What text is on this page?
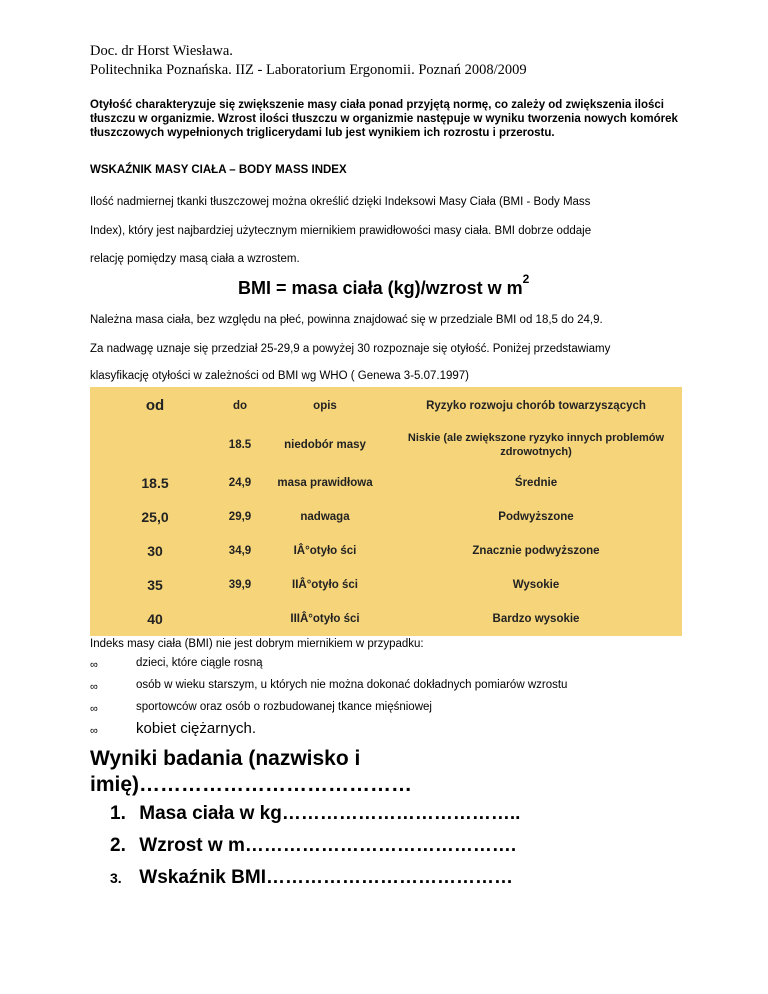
Doc. dr Horst Wiesława.
Politechnika Poznańska. IIZ - Laboratorium Ergonomii. Poznań 2008/2009
Otyłość charakteryzuje się zwiększenie masy ciała ponad przyjętą normę, co zależy od zwiększenia ilości tłuszczu w organizmie. Wzrost ilości tłuszczu w organizmie następuje w wyniku tworzenia nowych komórek tłuszczowych wypełnionych triglicerydami lub jest wynikiem ich rozrostu i przerostu.
WSKAŹNIK MASY CIAŁA – BODY MASS INDEX
Ilość nadmiernej tkanki tłuszczowej można określić dzięki Indeksowi Masy Ciała (BMI - Body Mass
Index), który jest najbardziej użytecznym miernikiem prawidłowości masy ciała. BMI dobrze oddaje
relację pomiędzy masą ciała a wzrostem.
BMI = masa ciała (kg)/wzrost w $m^2$
Należna masa ciała, bez względu na płeć, powinna znajdować się w przedziale BMI od 18,5 do 24,9.
Za nadwagę uznaje się przedział 25-29,9 a powyżej 30 rozpoznaje się otyłość. Poniżej przedstawiamy
klasyfikację otyłości w zależności od BMI wg WHO ( Genewa 3-5.07.1997)
od	do	opis	Ryzyko rozwoju chorób towarzyszących
	18.5	niedobór masy	Niskie (ale zwiększone ryzyko innych problemów zdrowotnych)
18.5	24,9	masa prawidłowa	Średnie
25,0	29,9	nadwaga	Podwyższone
30	34,9	IÂ°otyło ści	Znacznie podwyższone
35	39,9	IIÂ°otyło ści	Wysokie
40		IIIÂ°otyło ści	Bardzo wysokie
Indeks masy ciała (BMI) nie jest dobrym miernikiem w przypadku:
∞	dzieci, które ciągle rosną
∞	osób w wieku starszym, u których nie można dokonać dokładnych pomiarów wzrostu
∞	sportowców oraz osób o rozbudowanej tkance mięśniowej
∞	kobiet ciężarnych.
Wyniki badania (nazwisko i imię)…………………………………
1. Masa ciała w kg………………………………..
2. Wzrost w m…………………………………….
3. Wskaźnik BMI…………………………………
